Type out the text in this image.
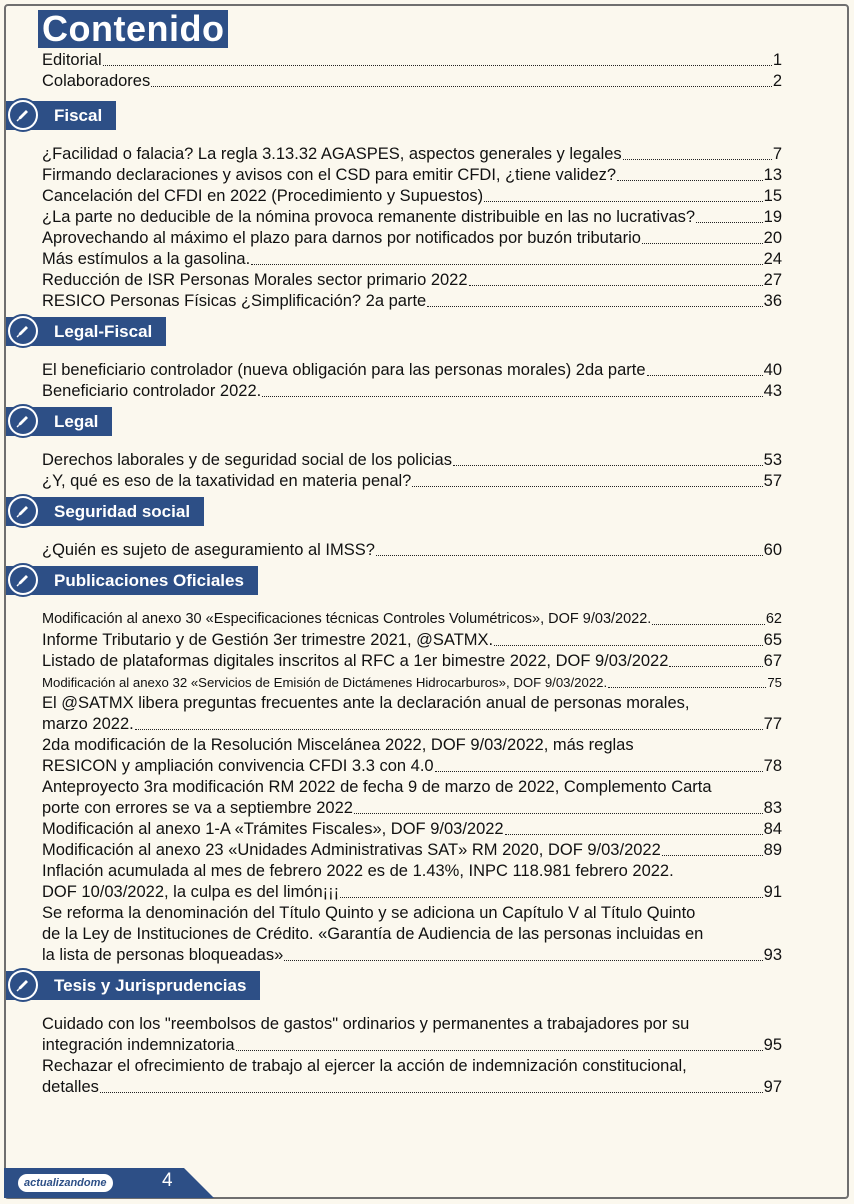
Contenido
Editorial	1
Colaboradores	2
Fiscal
¿Facilidad o falacia? La regla 3.13.32 AGASPES, aspectos generales y legales	7
Firmando declaraciones y avisos con el CSD para emitir CFDI, ¿tiene validez?	13
Cancelación del CFDI en 2022 (Procedimiento y Supuestos)	15
¿La parte no deducible de la nómina provoca remanente distribuible en las no lucrativas?	19
Aprovechando al máximo el plazo para darnos por notificados por buzón tributario	20
Más estímulos a la gasolina.	24
Reducción de ISR Personas Morales sector primario 2022	27
RESICO Personas Físicas ¿Simplificación? 2a parte	36
Legal-Fiscal
El beneficiario controlador (nueva obligación para las personas morales) 2da parte	40
Beneficiario controlador 2022.	43
Legal
Derechos laborales y de seguridad social de los policias	53
¿Y, qué es eso de la taxatividad en materia penal?	57
Seguridad social
¿Quién es sujeto de aseguramiento al IMSS?	60
Publicaciones Oficiales
Modificación al anexo 30 «Especificaciones técnicas Controles Volumétricos», DOF 9/03/2022.	62
Informe Tributario y de Gestión 3er trimestre 2021, @SATMX.	65
Listado de plataformas digitales inscritos al RFC a 1er bimestre 2022, DOF 9/03/2022	67
Modificación al anexo 32 «Servicios de Emisión de Dictámenes Hidrocarburos», DOF 9/03/2022.	75
El @SATMX libera preguntas frecuentes ante la declaración anual de personas morales,
marzo 2022.	77
2da modificación de la Resolución Miscelánea 2022, DOF 9/03/2022, más reglas
RESICON y ampliación convivencia CFDI 3.3 con 4.0	78
Anteproyecto 3ra modificación RM 2022 de fecha 9 de marzo de 2022, Complemento Carta
porte con errores se va a septiembre 2022	83
Modificación al anexo 1-A «Trámites Fiscales», DOF 9/03/2022	84
Modificación al anexo 23 «Unidades Administrativas SAT» RM 2020, DOF 9/03/2022	89
Inflación acumulada al mes de febrero 2022 es de 1.43%, INPC 118.981 febrero 2022.
DOF 10/03/2022, la culpa es del limón¡¡¡	91
Se reforma la denominación del Título Quinto y se adiciona un Capítulo V al Título Quinto
de la Ley de Instituciones de Crédito. «Garantía de Audiencia de las personas incluidas en
la lista de personas bloqueadas»	93
Tesis y Jurisprudencias
Cuidado con los "reembolsos de gastos" ordinarios y permanentes a trabajadores por su
integración indemnizatoria	95
Rechazar el ofrecimiento de trabajo al ejercer la acción de indemnización constitucional,
detalles	97
actualizandome	4
